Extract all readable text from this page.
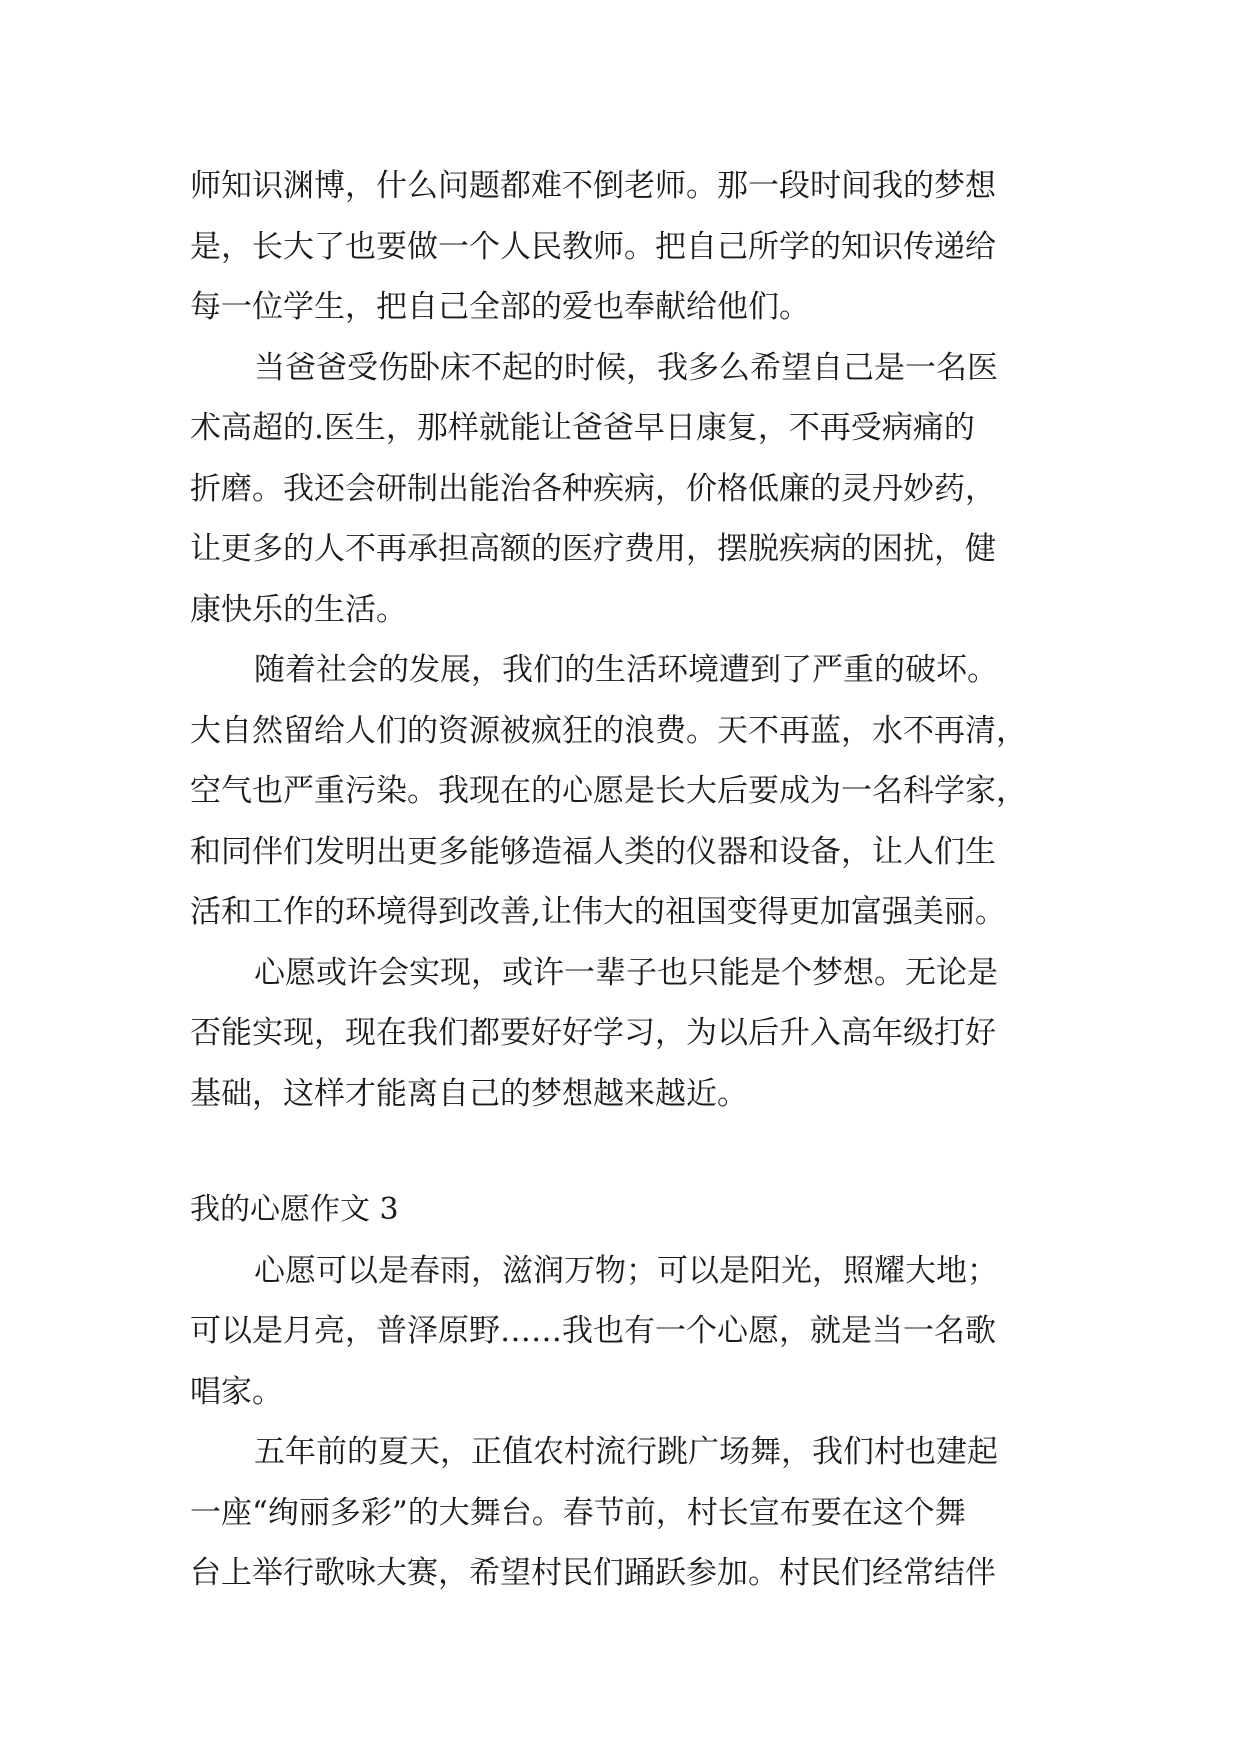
师知识渊博，什么问题都难不倒老师。那一段时间我的梦想
是，长大了也要做一个人民教师。把自己所学的知识传递给
每一位学生，把自己全部的爱也奉献给他们。
当爸爸受伤卧床不起的时候，我多么希望自己是一名医
术高超的.医生，那样就能让爸爸早日康复，不再受病痛的
折磨。我还会研制出能治各种疾病，价格低廉的灵丹妙药，
让更多的人不再承担高额的医疗费用，摆脱疾病的困扰，健
康快乐的生活。
随着社会的发展，我们的生活环境遭到了严重的破坏。
大自然留给人们的资源被疯狂的浪费。天不再蓝，水不再清，
空气也严重污染。我现在的心愿是长大后要成为一名科学家，
和同伴们发明出更多能够造福人类的仪器和设备，让人们生
活和工作的环境得到改善,让伟大的祖国变得更加富强美丽。
心愿或许会实现，或许一辈子也只能是个梦想。无论是
否能实现，现在我们都要好好学习，为以后升入高年级打好
基础，这样才能离自己的梦想越来越近。
我的心愿作文 3
心愿可以是春雨，滋润万物；可以是阳光，照耀大地；
可以是月亮，普泽原野……我也有一个心愿，就是当一名歌
唱家。
五年前的夏天，正值农村流行跳广场舞，我们村也建起
一座“绚丽多彩”的大舞台。春节前，村长宣布要在这个舞
台上举行歌咏大赛，希望村民们踊跃参加。村民们经常结伴
